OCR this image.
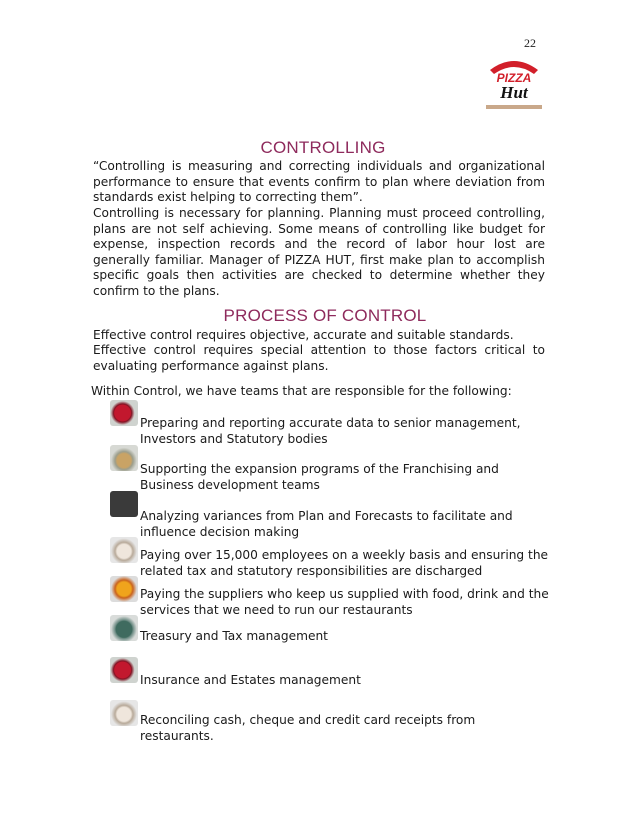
22
PIZZA
Hut
CONTROLLING

“Controlling is measuring and correcting individuals and organizational performance to ensure that events confirm to plan where deviation from standards exist helping to correcting them”.

Controlling is necessary for planning. Planning must proceed controlling, plans are not self achieving. Some means of controlling like budget for expense, inspection records and the record of labor hour lost are generally familiar. Manager of PIZZA HUT, first make plan to accomplish specific goals then activities are checked to determine whether they confirm to the plans.

PROCESS OF CONTROL

Effective control requires objective, accurate and suitable standards.

Effective control requires special attention to those factors critical to evaluating performance against plans.

Within Control, we have teams that are responsible for the following:
Preparing and reporting accurate data to senior management, Investors and Statutory bodies
Supporting the expansion programs of the Franchising and Business development teams
Analyzing variances from Plan and Forecasts to facilitate and influence decision making
Paying over 15,000 employees on a weekly basis and ensuring the related tax and statutory responsibilities are discharged
Paying the suppliers who keep us supplied with food, drink and the services that we need to run our restaurants
Treasury and Tax management
Insurance and Estates management
Reconciling cash, cheque and credit card receipts from restaurants.
